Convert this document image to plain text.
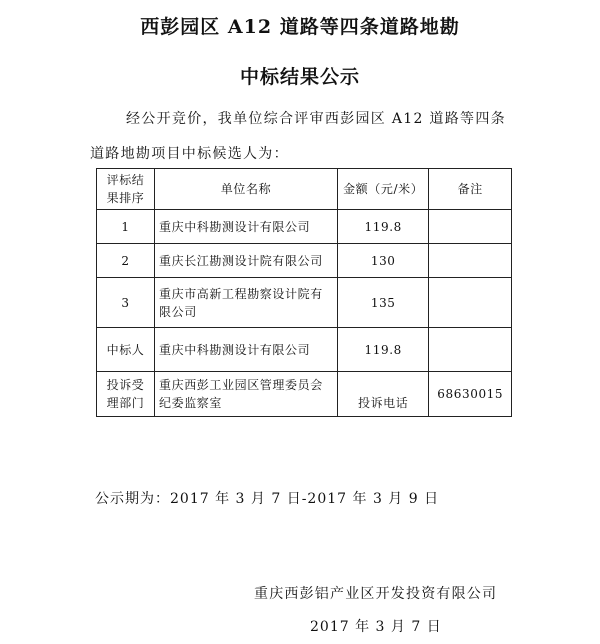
西彭园区 A12 道路等四条道路地勘
中标结果公示
经公开竞价，我单位综合评审西彭园区 A12 道路等四条
道路地勘项目中标候选人为：
评标结果排序	单位名称	金额（元/米）	备注
1	重庆中科勘测设计有限公司	119.8	
2	重庆长江勘测设计院有限公司	130	
3	重庆市高新工程勘察设计院有限公司	135	
中标人	重庆中科勘测设计有限公司	119.8	
投诉受理部门	重庆西彭工业园区管理委员会纪委监察室	投诉电话	68630015
公示期为：2017 年 3 月 7 日-2017 年 3 月 9 日
重庆西彭铝产业区开发投资有限公司
2017 年 3 月 7 日
